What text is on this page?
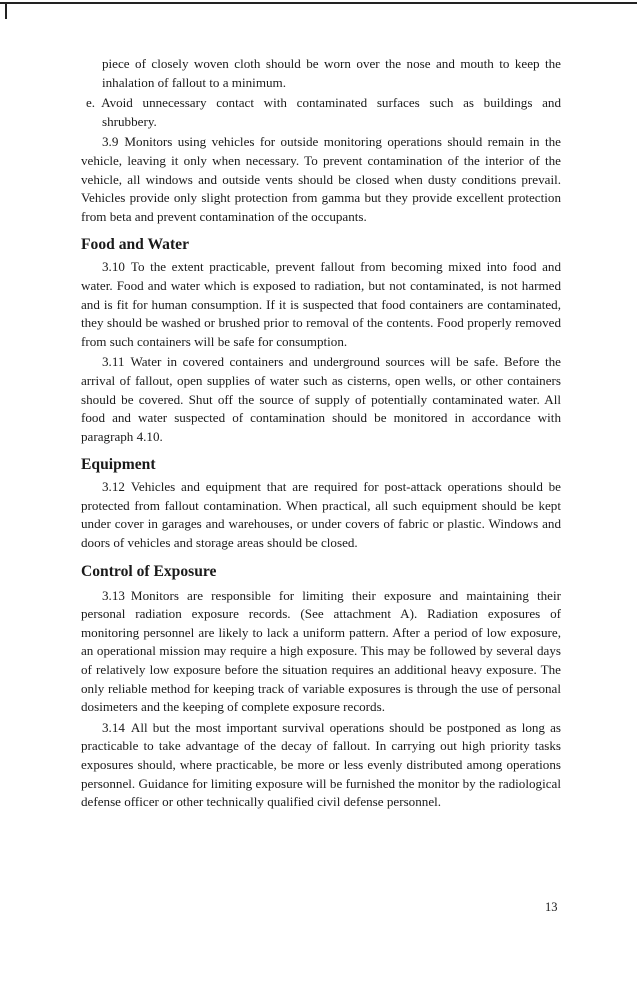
piece of closely woven cloth should be worn over the nose and mouth to keep the inhalation of fallout to a minimum.

e. Avoid unnecessary contact with contaminated surfaces such as buildings and shrubbery.

3.9 Monitors using vehicles for outside monitoring operations should remain in the vehicle, leaving it only when necessary. To prevent contamination of the interior of the vehicle, all windows and outside vents should be closed when dusty conditions prevail. Vehicles provide only slight protection from gamma but they provide excellent protection from beta and prevent contamination of the occupants.

Food and Water

3.10 To the extent practicable, prevent fallout from becoming mixed into food and water. Food and water which is exposed to radiation, but not contaminated, is not harmed and is fit for human consumption. If it is suspected that food containers are contaminated, they should be washed or brushed prior to removal of the contents. Food properly removed from such containers will be safe for consumption.

3.11 Water in covered containers and underground sources will be safe. Before the arrival of fallout, open supplies of water such as cisterns, open wells, or other containers should be covered. Shut off the source of supply of potentially contaminated water. All food and water suspected of contamination should be monitored in accordance with paragraph 4.10.

Equipment

3.12 Vehicles and equipment that are required for post-attack operations should be protected from fallout contamination. When practical, all such equipment should be kept under cover in garages and warehouses, or under covers of fabric or plastic. Windows and doors of vehicles and storage areas should be closed.

Control of Exposure

3.13 Monitors are responsible for limiting their exposure and maintaining their personal radiation exposure records. (See attachment A). Radiation exposures of monitoring personnel are likely to lack a uniform pattern. After a period of low exposure, an operational mission may require a high exposure. This may be followed by several days of relatively low exposure before the situation requires an additional heavy exposure. The only reliable method for keeping track of variable exposures is through the use of personal dosimeters and the keeping of complete exposure records.

3.14 All but the most important survival operations should be postponed as long as practicable to take advantage of the decay of fallout. In carrying out high priority tasks exposures should, where practicable, be more or less evenly distributed among operations personnel. Guidance for limiting exposure will be furnished the monitor by the radiological defense officer or other technically qualified civil defense personnel.

13
